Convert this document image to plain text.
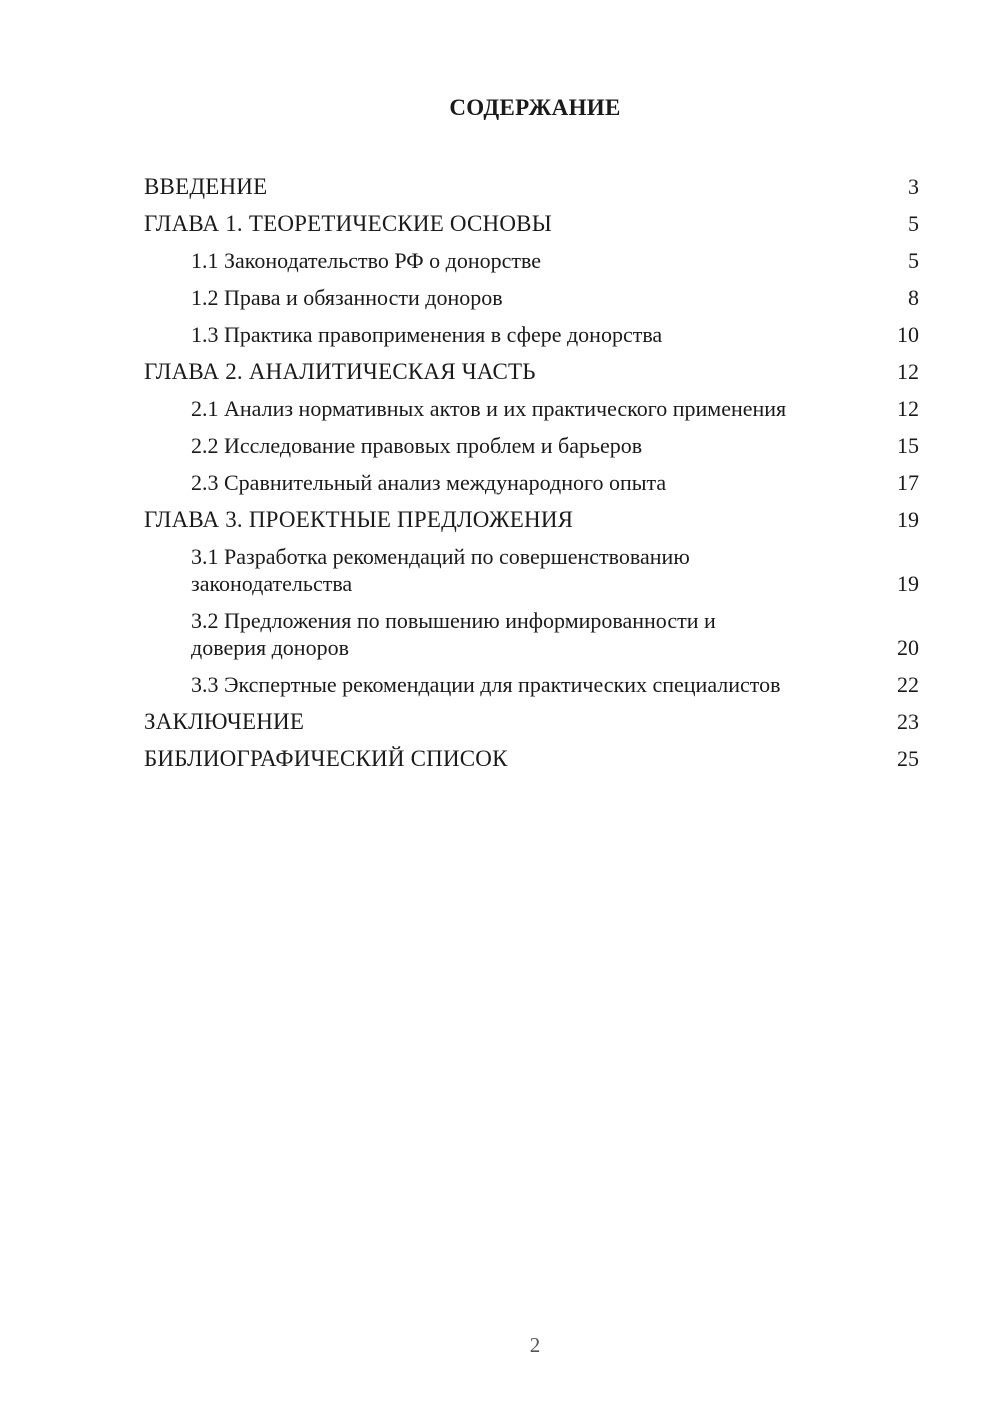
СОДЕРЖАНИЕ
ВВЕДЕНИЕ	3
ГЛАВА 1. ТЕОРЕТИЧЕСКИЕ ОСНОВЫ	5
1.1 Законодательство РФ о донорстве	5
1.2 Права и обязанности доноров	8
1.3 Практика правоприменения в сфере донорства	10
ГЛАВА 2. АНАЛИТИЧЕСКАЯ ЧАСТЬ	12
2.1 Анализ нормативных актов и их практического применения	12
2.2 Исследование правовых проблем и барьеров	15
2.3 Сравнительный анализ международного опыта	17
ГЛАВА 3. ПРОЕКТНЫЕ ПРЕДЛОЖЕНИЯ	19
3.1 Разработка рекомендаций по совершенствованию законодательства	19
3.2 Предложения по повышению информированности и доверия доноров	20
3.3 Экспертные рекомендации для практических специалистов	22
ЗАКЛЮЧЕНИЕ	23
БИБЛИОГРАФИЧЕСКИЙ СПИСОК	25
2
